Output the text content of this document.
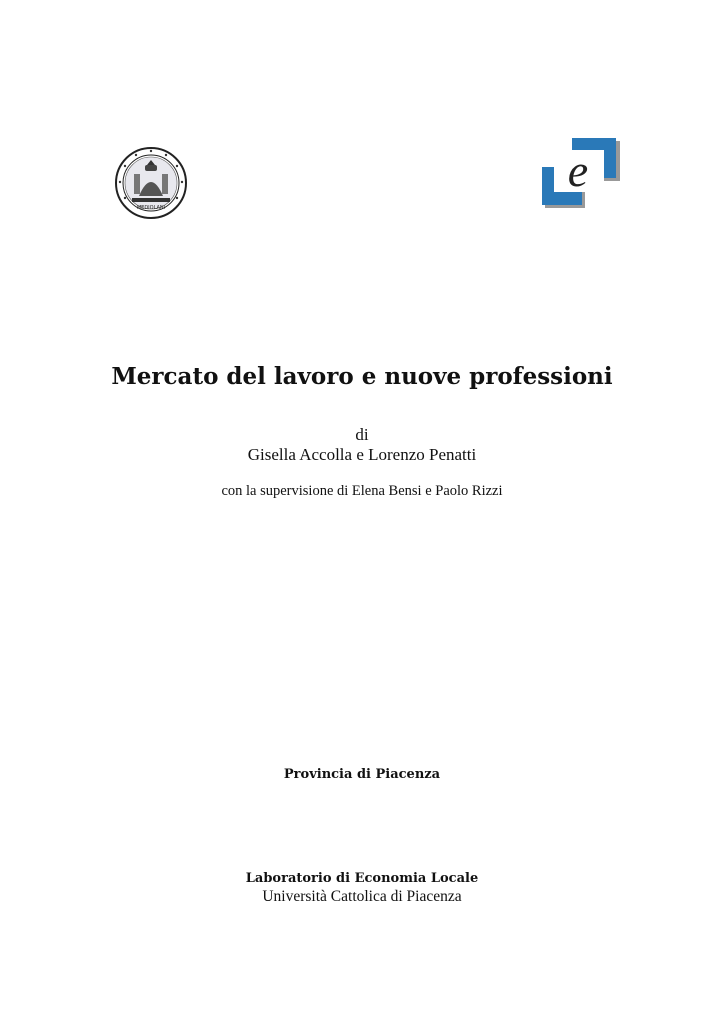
MEDIOLANI
e
Mercato del lavoro e nuove professioni
di
Gisella Accolla e Lorenzo Penatti
con la supervisione di Elena Bensi e Paolo Rizzi
Provincia di Piacenza
Laboratorio di Economia Locale
Università Cattolica di Piacenza
